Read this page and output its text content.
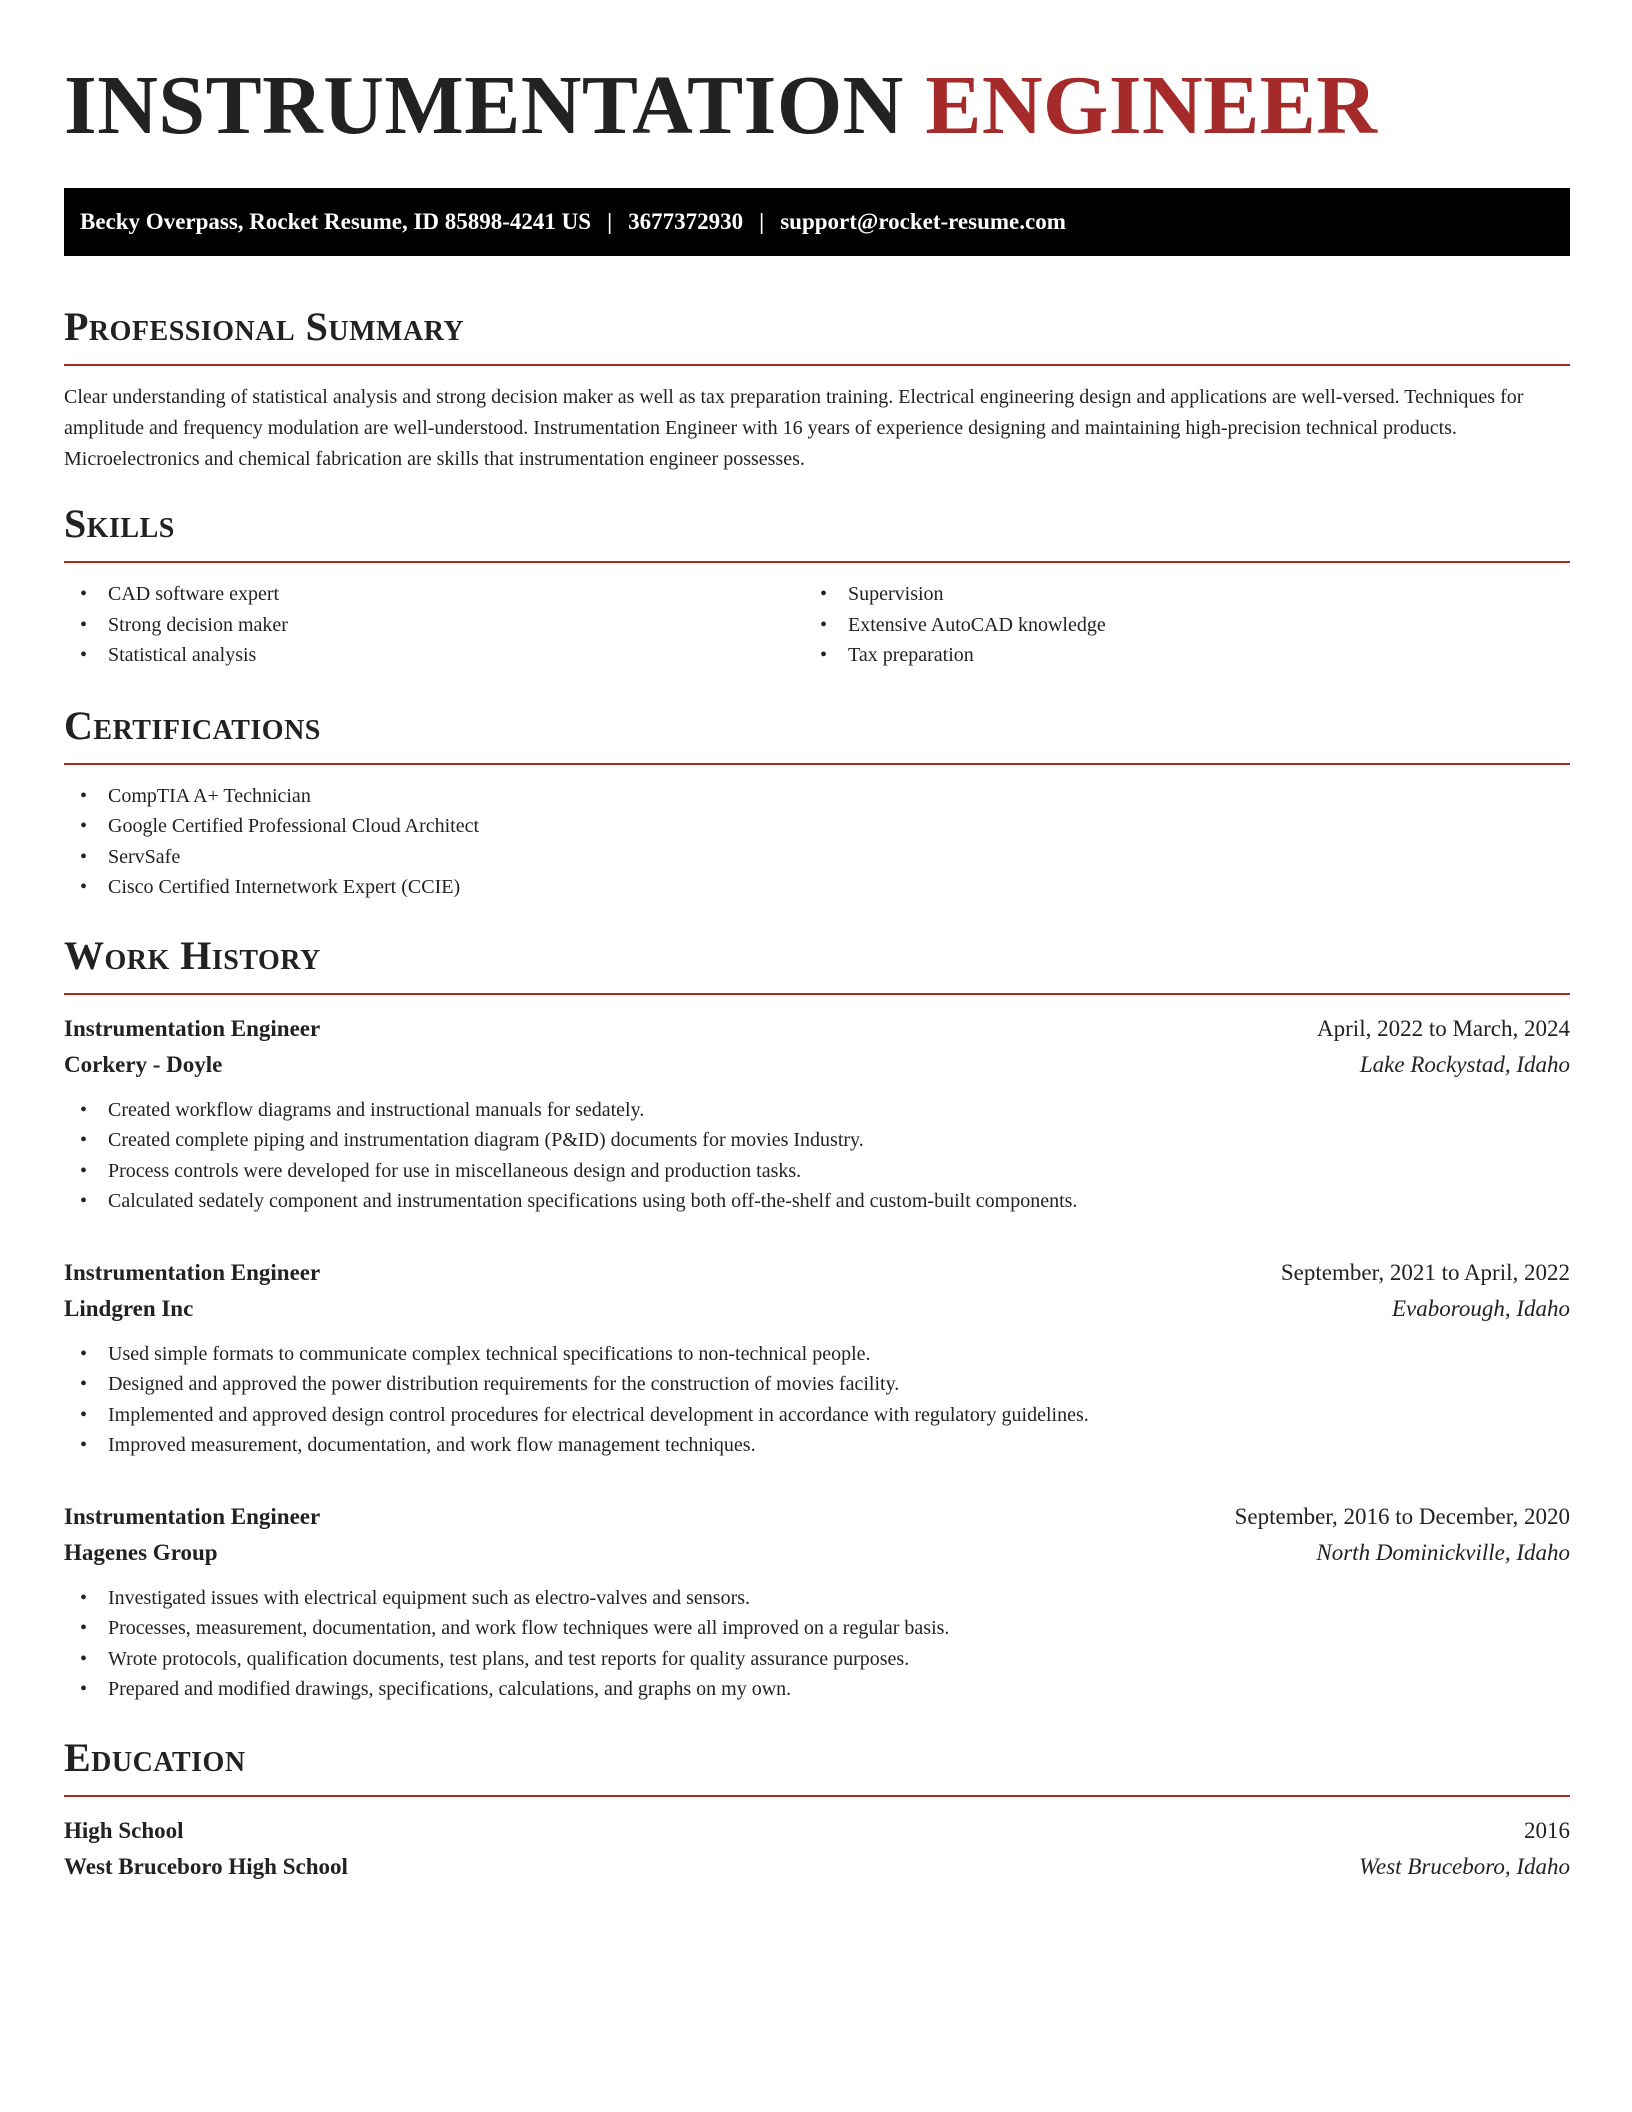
INSTRUMENTATION ENGINEER
Becky Overpass, Rocket Resume, ID 85898-4241 US | 3677372930 | support@rocket-resume.com
Professional Summary

Clear understanding of statistical analysis and strong decision maker as well as tax preparation training. Electrical engineering design and applications are well-versed. Techniques for amplitude and frequency modulation are well-understood. Instrumentation Engineer with 16 years of experience designing and maintaining high-precision technical products. Microelectronics and chemical fabrication are skills that instrumentation engineer possesses.

Skills
• CAD software expert
• Strong decision maker
• Statistical analysis
• Supervision
• Extensive AutoCAD knowledge
• Tax preparation
Certifications
• CompTIA A+ Technician
• Google Certified Professional Cloud Architect
• ServSafe
• Cisco Certified Internetwork Expert (CCIE)
Work History
Instrumentation Engineer	April, 2022 to March, 2024
Corkery - Doyle	Lake Rockystad, Idaho
• Created workflow diagrams and instructional manuals for sedately.
• Created complete piping and instrumentation diagram (P&ID) documents for movies Industry.
• Process controls were developed for use in miscellaneous design and production tasks.
• Calculated sedately component and instrumentation specifications using both off-the-shelf and custom-built components.
Instrumentation Engineer	September, 2021 to April, 2022
Lindgren Inc	Evaborough, Idaho
• Used simple formats to communicate complex technical specifications to non-technical people.
• Designed and approved the power distribution requirements for the construction of movies facility.
• Implemented and approved design control procedures for electrical development in accordance with regulatory guidelines.
• Improved measurement, documentation, and work flow management techniques.
Instrumentation Engineer	September, 2016 to December, 2020
Hagenes Group	North Dominickville, Idaho
• Investigated issues with electrical equipment such as electro-valves and sensors.
• Processes, measurement, documentation, and work flow techniques were all improved on a regular basis.
• Wrote protocols, qualification documents, test plans, and test reports for quality assurance purposes.
• Prepared and modified drawings, specifications, calculations, and graphs on my own.
Education
High School	2016
West Bruceboro High School	West Bruceboro, Idaho
